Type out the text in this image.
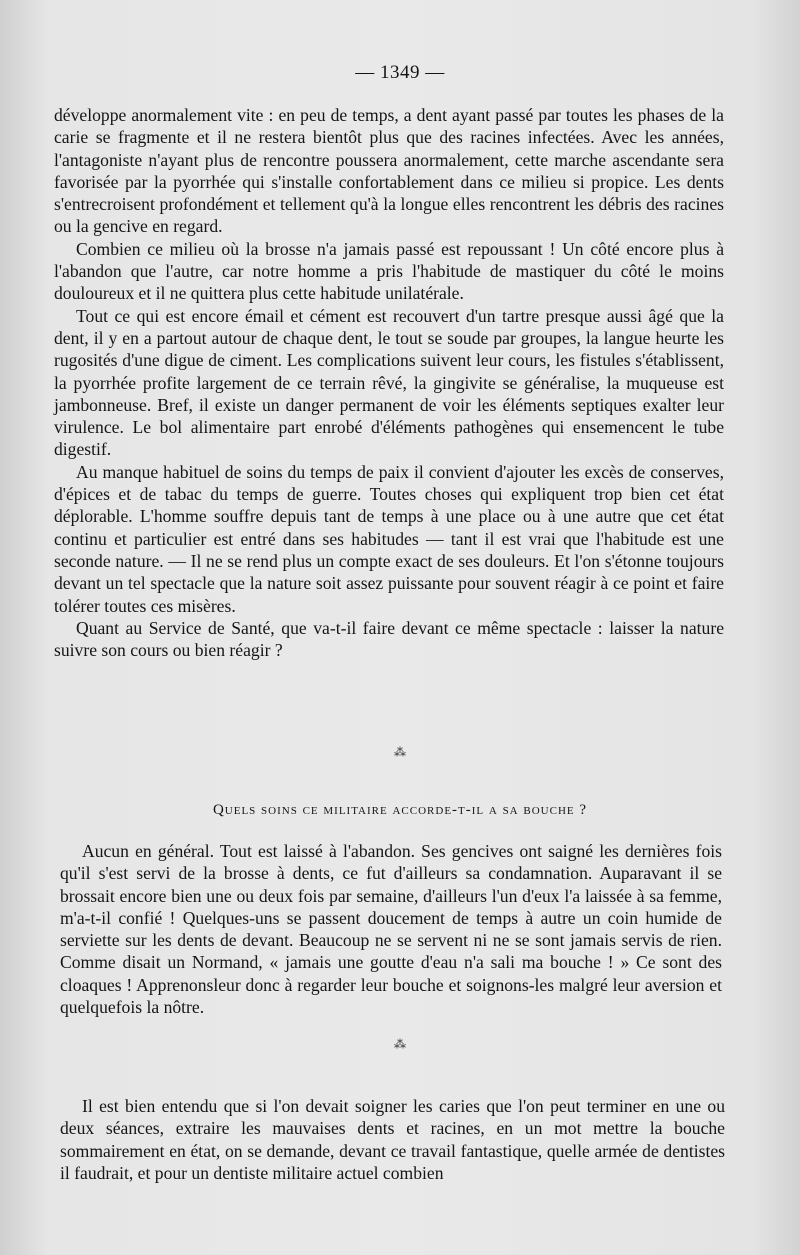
— 1349 —

développe anormalement vite : en peu de temps, a dent ayant passé par toutes les phases de la carie se fragmente et il ne restera bientôt plus que des racines infectées. Avec les années, l'antagoniste n'ayant plus de rencontre poussera anormalement, cette marche ascendante sera favorisée par la pyorrhée qui s'installe confortablement dans ce milieu si propice. Les dents s'entrecroisent profondément et tellement qu'à la longue elles rencontrent les débris des racines ou la gencive en regard.

Combien ce milieu où la brosse n'a jamais passé est repoussant ! Un côté encore plus à l'abandon que l'autre, car notre homme a pris l'habitude de mastiquer du côté le moins douloureux et il ne quittera plus cette habitude unilatérale.

Tout ce qui est encore émail et cément est recouvert d'un tartre presque aussi âgé que la dent, il y en a partout autour de chaque dent, le tout se soude par groupes, la langue heurte les rugosités d'une digue de ciment. Les complications suivent leur cours, les fistules s'établissent, la pyorrhée profite largement de ce terrain rêvé, la gingivite se généralise, la muqueuse est jambonneuse. Bref, il existe un danger permanent de voir les éléments septiques exalter leur virulence. Le bol alimentaire part enrobé d'éléments pathogènes qui ensemencent le tube digestif.

Au manque habituel de soins du temps de paix il convient d'ajouter les excès de conserves, d'épices et de tabac du temps de guerre. Toutes choses qui expliquent trop bien cet état déplorable. L'homme souffre depuis tant de temps à une place ou à une autre que cet état continu et particulier est entré dans ses habitudes — tant il est vrai que l'habitude est une seconde nature. — Il ne se rend plus un compte exact de ses douleurs. Et l'on s'étonne toujours devant un tel spectacle que la nature soit assez puissante pour souvent réagir à ce point et faire tolérer toutes ces misères.

Quant au Service de Santé, que va-t-il faire devant ce même spectacle : laisser la nature suivre son cours ou bien réagir ?

⁂
Quels soins ce militaire accorde-t-il a sa bouche ?

Aucun en général. Tout est laissé à l'abandon. Ses gencives ont saigné les dernières fois qu'il s'est servi de la brosse à dents, ce fut d'ailleurs sa condamnation. Auparavant il se brossait encore bien une ou deux fois par semaine, d'ailleurs l'un d'eux l'a laissée à sa femme, m'a-t-il confié ! Quelques-uns se passent doucement de temps à autre un coin humide de serviette sur les dents de devant. Beaucoup ne se servent ni ne se sont jamais servis de rien. Comme disait un Normand, « jamais une goutte d'eau n'a sali ma bouche ! » Ce sont des cloaques ! Apprenonsleur donc à regarder leur bouche et soignons-les malgré leur aversion et quelquefois la nôtre.

⁂

Il est bien entendu que si l'on devait soigner les caries que l'on peut terminer en une ou deux séances, extraire les mauvaises dents et racines, en un mot mettre la bouche sommairement en état, on se demande, devant ce travail fantastique, quelle armée de dentistes il faudrait, et pour un dentiste militaire actuel combien
